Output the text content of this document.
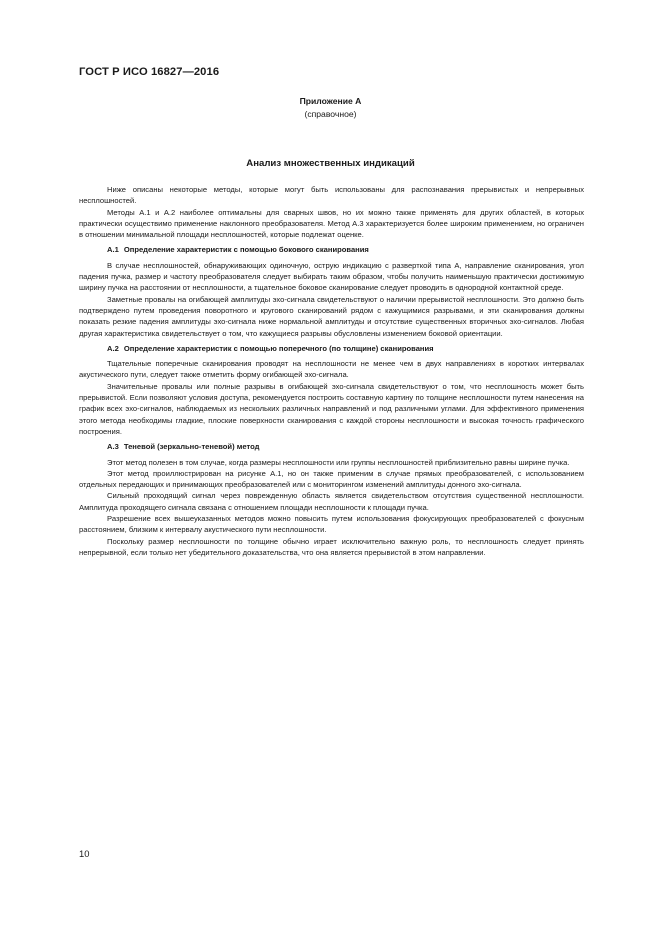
ГОСТ Р ИСО 16827—2016
Приложение А
(справочное)
Анализ множественных индикаций

Ниже описаны некоторые методы, которые могут быть использованы для распознавания прерывистых и непрерывных несплошностей.

Методы А.1 и А.2 наиболее оптимальны для сварных швов, но их можно также применять для других областей, в которых практически осуществимо применение наклонного преобразователя. Метод А.3 характеризуется более широким применением, но ограничен в отношении минимальной площади несплошностей, которые подлежат оценке.

А.1 Определение характеристик с помощью бокового сканирования

В случае несплошностей, обнаруживающих одиночную, острую индикацию с разверткой типа А, направление сканирования, угол падения пучка, размер и частоту преобразователя следует выбирать таким образом, чтобы получить наименьшую практически достижимую ширину пучка на расстоянии от несплошности, а тщательное боковое сканирование следует проводить в однородной контактной среде.

Заметные провалы на огибающей амплитуды эхо-сигнала свидетельствуют о наличии прерывистой несплошности. Это должно быть подтверждено путем проведения поворотного и кругового сканирований рядом с кажущимися разрывами, и эти сканирования должны показать резкие падения амплитуды эхо-сигнала ниже нормальной амплитуды и отсутствие существенных вторичных эхо-сигналов. Любая другая характеристика свидетельствует о том, что кажущиеся разрывы обусловлены изменением боковой ориентации.

А.2 Определение характеристик с помощью поперечного (по толщине) сканирования

Тщательные поперечные сканирования проводят на несплошности не менее чем в двух направлениях в коротких интервалах акустического пути, следует также отметить форму огибающей эхо-сигнала.

Значительные провалы или полные разрывы в огибающей эхо-сигнала свидетельствуют о том, что несплошность может быть прерывистой. Если позволяют условия доступа, рекомендуется построить составную картину по толщине несплошности путем нанесения на график всех эхо-сигналов, наблюдаемых из нескольких различных направлений и под различными углами. Для эффективного применения этого метода необходимы гладкие, плоские поверхности сканирования с каждой стороны несплошности и высокая точность графического построения.

А.3 Теневой (зеркально-теневой) метод

Этот метод полезен в том случае, когда размеры несплошности или группы несплошностей приблизительно равны ширине пучка.

Этот метод проиллюстрирован на рисунке А.1, но он также применим в случае прямых преобразователей, с использованием отдельных передающих и принимающих преобразователей или с мониторингом изменений амплитуды донного эхо-сигнала.

Сильный проходящий сигнал через поврежденную область является свидетельством отсутствия существенной несплошности. Амплитуда проходящего сигнала связана с отношением площади несплошности к площади пучка.

Разрешение всех вышеуказанных методов можно повысить путем использования фокусирующих преобразователей с фокусным расстоянием, близким к интервалу акустического пути несплошности.

Поскольку размер несплошности по толщине обычно играет исключительно важную роль, то несплошность следует принять непрерывной, если только нет убедительного доказательства, что она является прерывистой в этом направлении.

10
